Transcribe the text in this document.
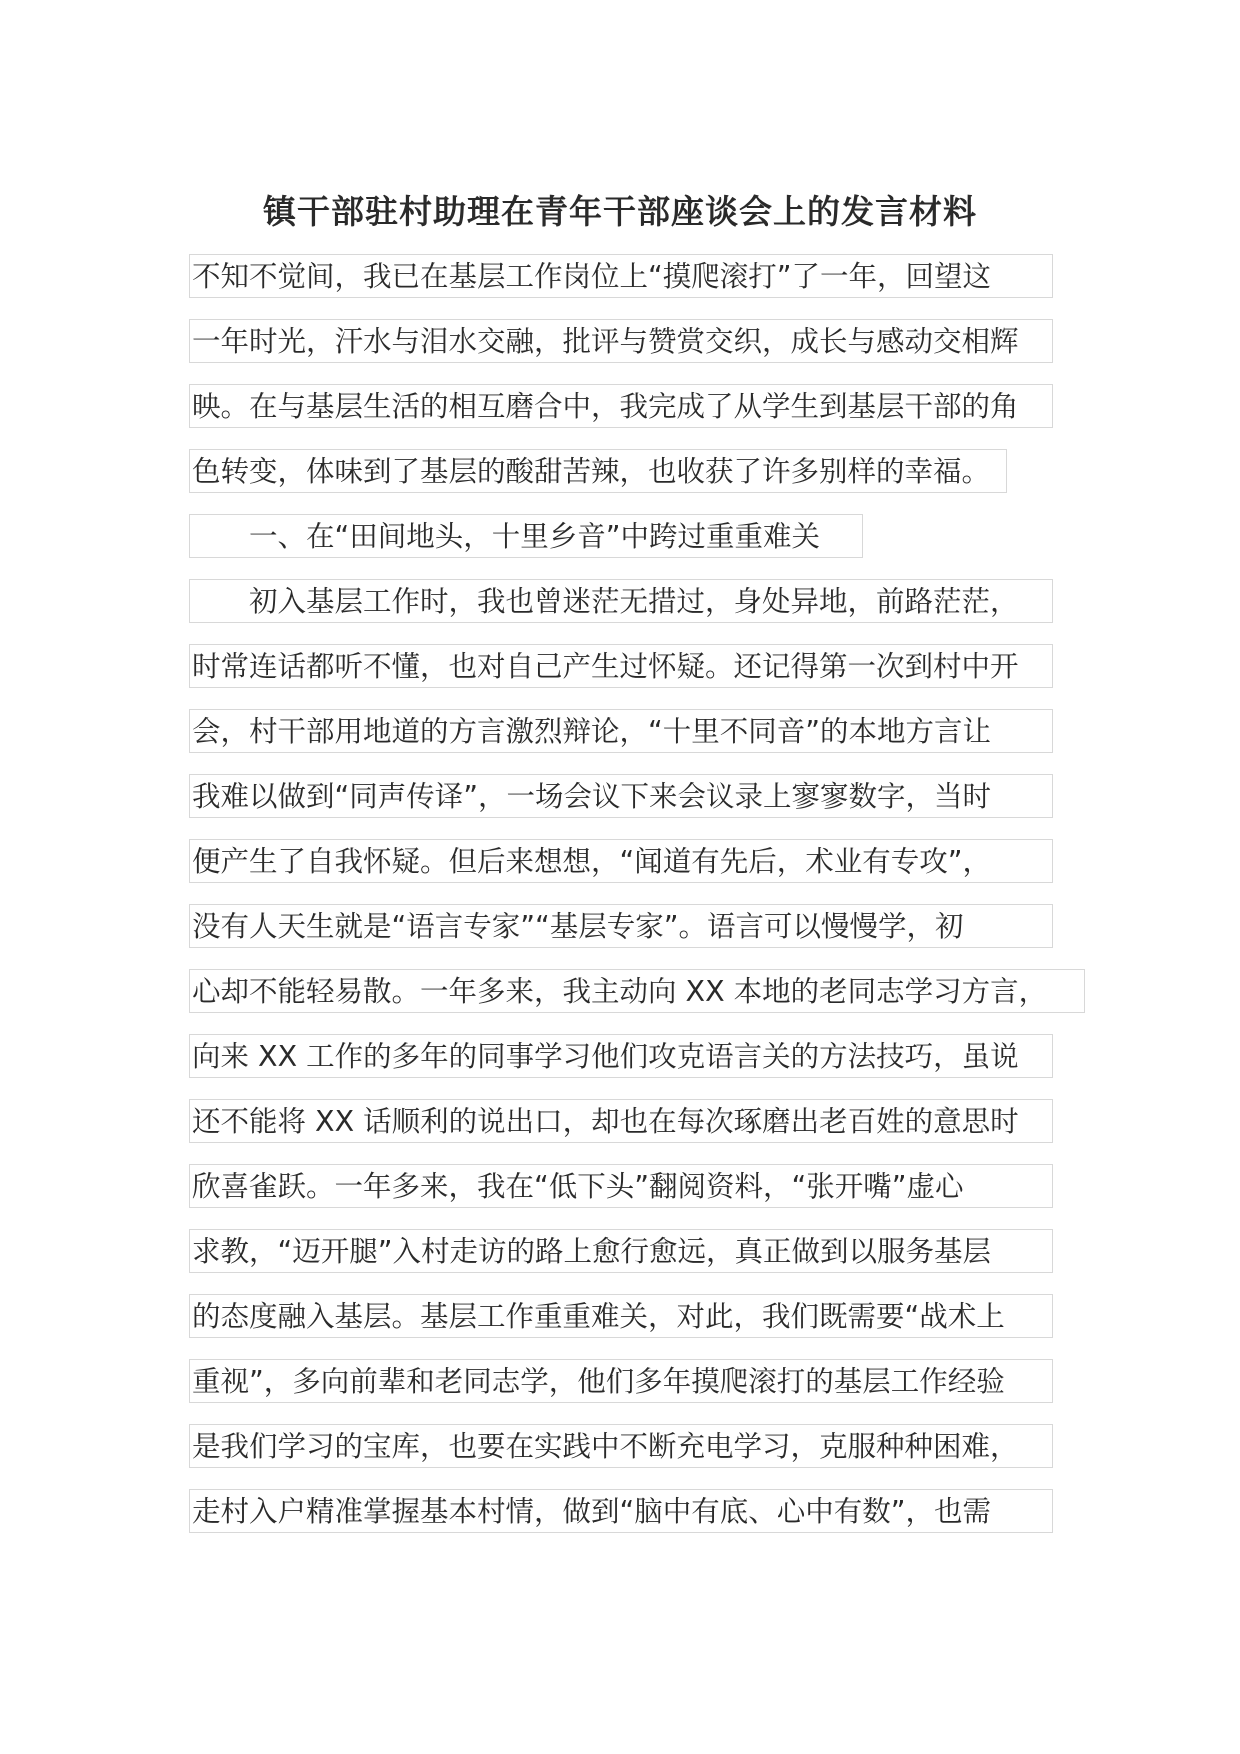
镇干部驻村助理在青年干部座谈会上的发言材料
不知不觉间，我已在基层工作岗位上“摸爬滚打”了一年，回望这
一年时光，汗水与泪水交融，批评与赞赏交织，成长与感动交相辉
映。在与基层生活的相互磨合中，我完成了从学生到基层干部的角
色转变，体味到了基层的酸甜苦辣，也收获了许多别样的幸福。
　　一、在“田间地头，十里乡音”中跨过重重难关
　　初入基层工作时，我也曾迷茫无措过，身处异地，前路茫茫，
时常连话都听不懂，也对自己产生过怀疑。还记得第一次到村中开
会，村干部用地道的方言激烈辩论，“十里不同音”的本地方言让
我难以做到“同声传译”，一场会议下来会议录上寥寥数字，当时
便产生了自我怀疑。但后来想想，“闻道有先后，术业有专攻”，
没有人天生就是“语言专家”“基层专家”。语言可以慢慢学，初
心却不能轻易散。一年多来，我主动向 XX 本地的老同志学习方言，
向来 XX 工作的多年的同事学习他们攻克语言关的方法技巧，虽说
还不能将 XX 话顺利的说出口，却也在每次琢磨出老百姓的意思时
欣喜雀跃。一年多来，我在“低下头”翻阅资料，“张开嘴”虚心
求教，“迈开腿”入村走访的路上愈行愈远，真正做到以服务基层
的态度融入基层。基层工作重重难关，对此，我们既需要“战术上
重视”，多向前辈和老同志学，他们多年摸爬滚打的基层工作经验
是我们学习的宝库，也要在实践中不断充电学习，克服种种困难，
走村入户精准掌握基本村情，做到“脑中有底、心中有数”，也需
